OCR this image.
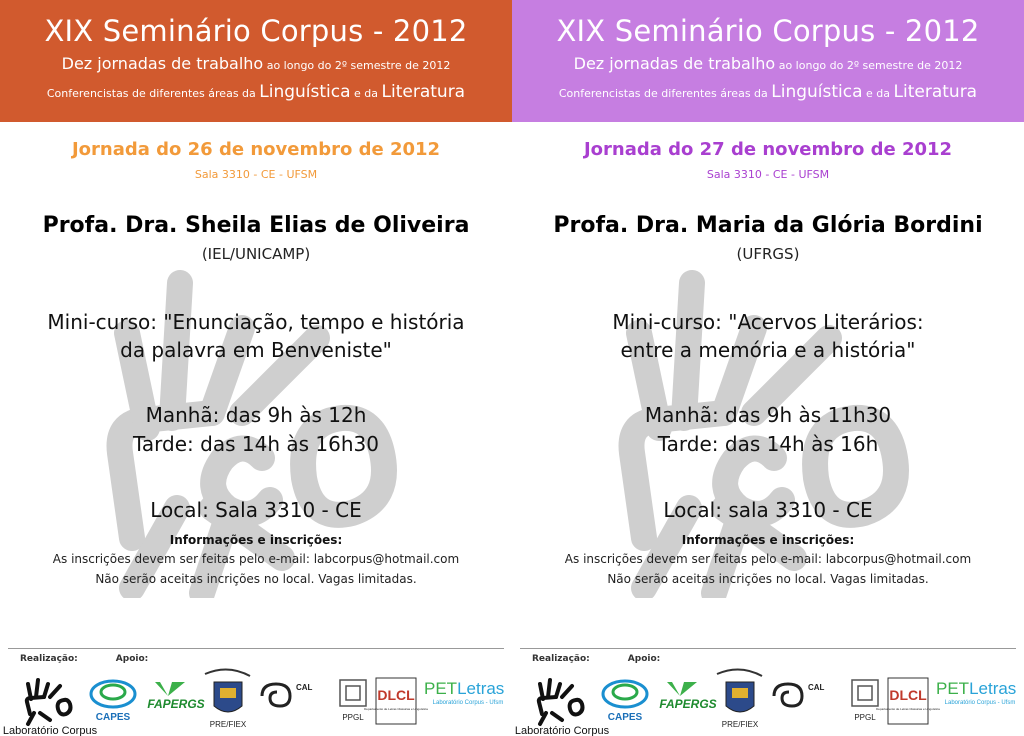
XIX Seminário Corpus - 2012
Dez jornadas de trabalho ao longo do 2º semestre de 2012
Conferencistas de diferentes áreas da Linguística e da Literatura
Jornada do 26 de novembro de 2012
Sala 3310 - CE - UFSM
Profa. Dra. Sheila Elias de Oliveira
(IEL/UNICAMP)
Mini-curso: "Enunciação, tempo e história
da palavra em Benveniste"
Manhã: das 9h às 12h
Tarde: das 14h às 16h30
Local: Sala 3310 - CE
Informações e inscrições:
As inscrições devem ser feitas pelo e-mail: labcorpus@hotmail.com
Não serão aceitas incrições no local. Vagas limitadas.
Realização:	Apoio:
Laboratório Corpus
CAPES
FAPERGS
PRE/FIEX
CAL
PPGL
DLCL
Departamento de Letras Clássicas e Linguística
PETLetras
Laboratório Corpus - Ufsm
XIX Seminário Corpus - 2012
Dez jornadas de trabalho ao longo do 2º semestre de 2012
Conferencistas de diferentes áreas da Linguística e da Literatura
Jornada do 27 de novembro de 2012
Sala 3310 - CE - UFSM
Profa. Dra. Maria da Glória Bordini
(UFRGS)
Mini-curso: "Acervos Literários:
entre a memória e a história"
Manhã: das 9h às 11h30
Tarde: das 14h às 16h
Local: sala 3310 - CE
Informações e inscrições:
As inscrições devem ser feitas pelo e-mail: labcorpus@hotmail.com
Não serão aceitas incrições no local. Vagas limitadas.
Realização:	Apoio:
Laboratório Corpus
CAPES
FAPERGS
PRE/FIEX
CAL
PPGL
DLCL
Departamento de Letras Clássicas e Linguística
PETLetras
Laboratório Corpus - Ufsm
